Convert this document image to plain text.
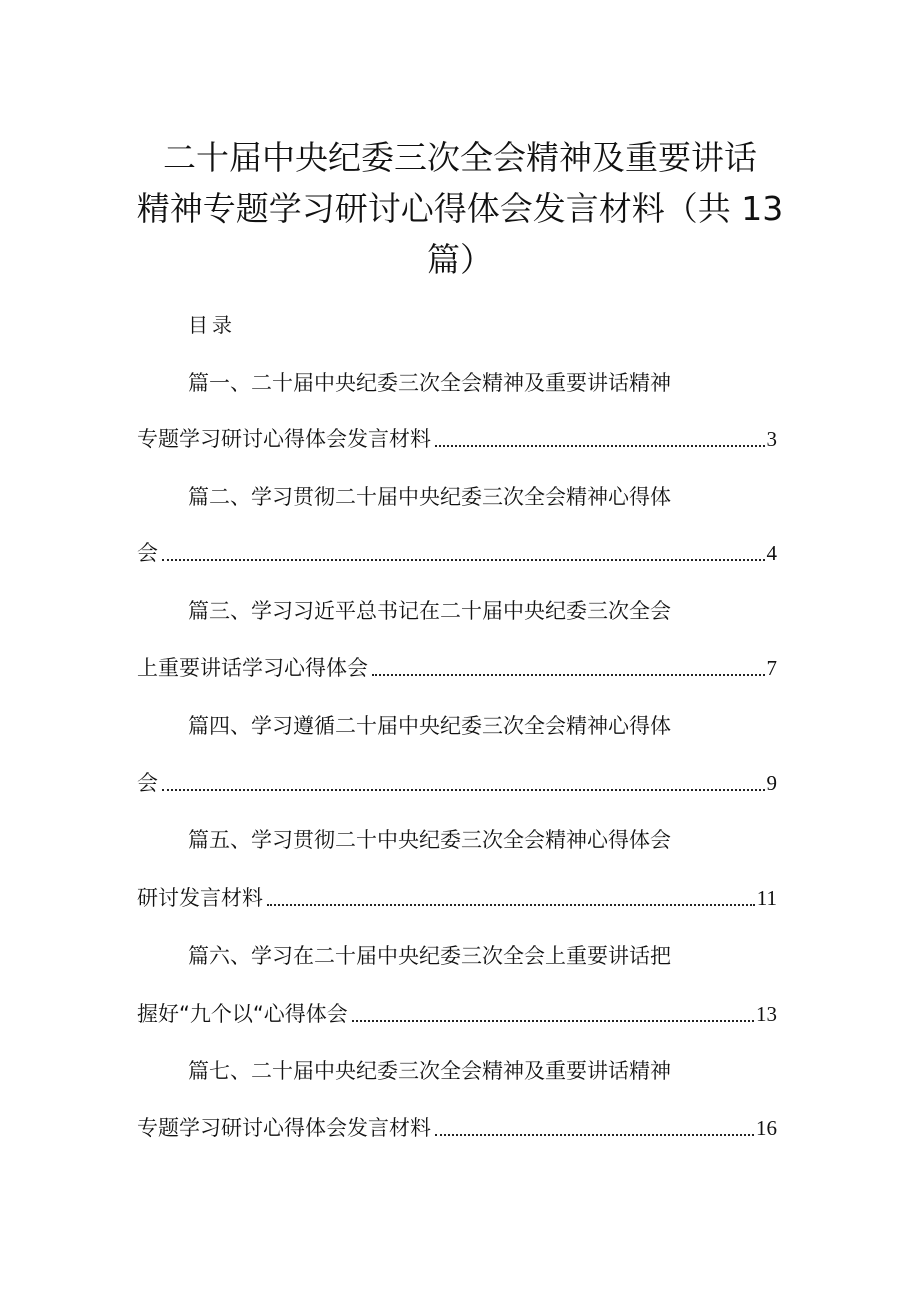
二十届中央纪委三次全会精神及重要讲话
精神专题学习研讨心得体会发言材料（共 13
篇）
目录
篇一、二十届中央纪委三次全会精神及重要讲话精神
专题学习研讨心得体会发言材料	3
篇二、学习贯彻二十届中央纪委三次全会精神心得体
会	4
篇三、学习习近平总书记在二十届中央纪委三次全会
上重要讲话学习心得体会	7
篇四、学习遵循二十届中央纪委三次全会精神心得体
会	9
篇五、学习贯彻二十中央纪委三次全会精神心得体会
研讨发言材料	11
篇六、学习在二十届中央纪委三次全会上重要讲话把
握好“九个以“心得体会	13
篇七、二十届中央纪委三次全会精神及重要讲话精神
专题学习研讨心得体会发言材料	16
